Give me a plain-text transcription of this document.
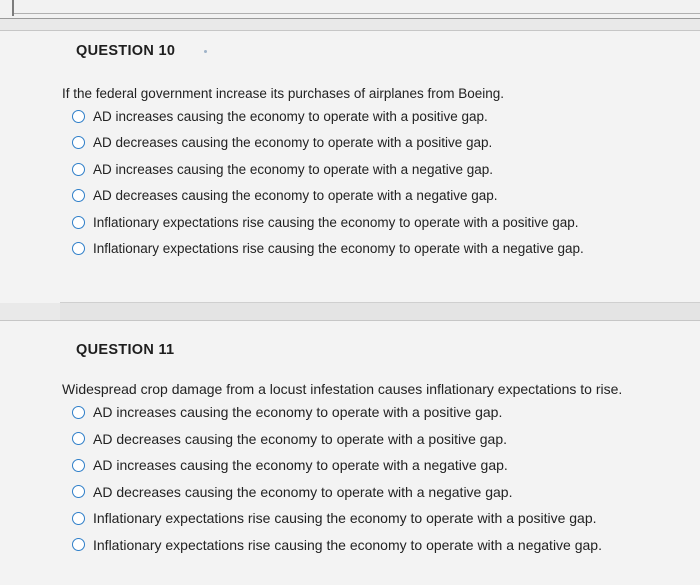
QUESTION 10
If the federal government increase its purchases of airplanes from Boeing.
AD increases causing the economy to operate with a positive gap.
AD decreases causing the economy to operate with a positive gap.
AD increases causing the economy to operate with a negative gap.
AD decreases causing the economy to operate with a negative gap.
Inflationary expectations rise causing the economy to operate with a positive gap.
Inflationary expectations rise causing the economy to operate with a negative gap.
QUESTION 11
Widespread crop damage from a locust infestation causes inflationary expectations to rise.
AD increases causing the economy to operate with a positive gap.
AD decreases causing the economy to operate with a positive gap.
AD increases causing the economy to operate with a negative gap.
AD decreases causing the economy to operate with a negative gap.
Inflationary expectations rise causing the economy to operate with a positive gap.
Inflationary expectations rise causing the economy to operate with a negative gap.
